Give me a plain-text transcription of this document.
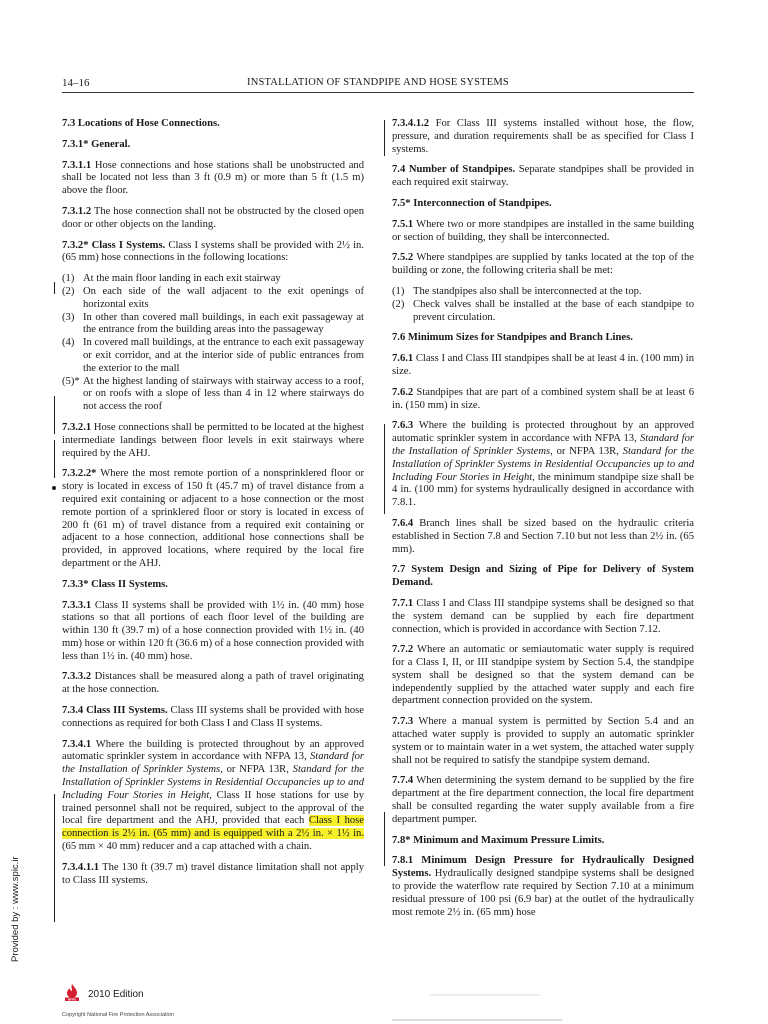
14–16	INSTALLATION OF STANDPIPE AND HOSE SYSTEMS

7.3 Locations of Hose Connections.

7.3.1* General.

7.3.1.1 Hose connections and hose stations shall be unobstructed and shall be located not less than 3 ft (0.9 m) or more than 5 ft (1.5 m) above the floor.

7.3.1.2 The hose connection shall not be obstructed by the closed open door or other objects on the landing.

7.3.2* Class I Systems. Class I systems shall be provided with 2½ in. (65 mm) hose connections in the following locations:

(1) At the main floor landing in each exit stairway
(2) On each side of the wall adjacent to the exit openings of horizontal exits
(3) In other than covered mall buildings, in each exit passageway at the entrance from the building areas into the passageway
(4) In covered mall buildings, at the entrance to each exit passageway or exit corridor, and at the interior side of public entrances from the exterior to the mall
(5)* At the highest landing of stairways with stairway access to a roof, or on roofs with a slope of less than 4 in 12 where stairways do not access the roof

7.3.2.1 Hose connections shall be permitted to be located at the highest intermediate landings between floor levels in exit stairways where required by the AHJ.

7.3.2.2* Where the most remote portion of a nonsprinklered floor or story is located in excess of 150 ft (45.7 m) of travel distance from a required exit containing or adjacent to a hose connection or the most remote portion of a sprinklered floor or story is located in excess of 200 ft (61 m) of travel distance from a required exit containing or adjacent to a hose connection, additional hose connections shall be provided, in approved locations, where required by the local fire department or the AHJ.

7.3.3* Class II Systems.

7.3.3.1 Class II systems shall be provided with 1½ in. (40 mm) hose stations so that all portions of each floor level of the building are within 130 ft (39.7 m) of a hose connection provided with 1½ in. (40 mm) hose or within 120 ft (36.6 m) of a hose connection provided with less than 1½ in. (40 mm) hose.

7.3.3.2 Distances shall be measured along a path of travel originating at the hose connection.

7.3.4 Class III Systems. Class III systems shall be provided with hose connections as required for both Class I and Class II systems.

7.3.4.1 Where the building is protected throughout by an approved automatic sprinkler system in accordance with NFPA 13, Standard for the Installation of Sprinkler Systems, or NFPA 13R, Standard for the Installation of Sprinkler Systems in Residential Occupancies up to and Including Four Stories in Height, Class II hose stations for use by trained personnel shall not be required, subject to the approval of the local fire department and the AHJ, provided that each Class I hose connection is 2½ in. (65 mm) and is equipped with a 2½ in. × 1½ in. (65 mm × 40 mm) reducer and a cap attached with a chain.

7.3.4.1.1 The 130 ft (39.7 m) travel distance limitation shall not apply to Class III systems.

7.3.4.1.2 For Class III systems installed without hose, the flow, pressure, and duration requirements shall be as specified for Class I systems.

7.4 Number of Standpipes. Separate standpipes shall be provided in each required exit stairway.

7.5* Interconnection of Standpipes.

7.5.1 Where two or more standpipes are installed in the same building or section of building, they shall be interconnected.

7.5.2 Where standpipes are supplied by tanks located at the top of the building or zone, the following criteria shall be met:

(1) The standpipes also shall be interconnected at the top.
(2) Check valves shall be installed at the base of each standpipe to prevent circulation.

7.6 Minimum Sizes for Standpipes and Branch Lines.

7.6.1 Class I and Class III standpipes shall be at least 4 in. (100 mm) in size.

7.6.2 Standpipes that are part of a combined system shall be at least 6 in. (150 mm) in size.

7.6.3 Where the building is protected throughout by an approved automatic sprinkler system in accordance with NFPA 13, Standard for the Installation of Sprinkler Systems, or NFPA 13R, Standard for the Installation of Sprinkler Systems in Residential Occupancies up to and Including Four Stories in Height, the minimum standpipe size shall be 4 in. (100 mm) for systems hydraulically designed in accordance with 7.8.1.

7.6.4 Branch lines shall be sized based on the hydraulic criteria established in Section 7.8 and Section 7.10 but not less than 2½ in. (65 mm).

7.7 System Design and Sizing of Pipe for Delivery of System Demand.

7.7.1 Class I and Class III standpipe systems shall be designed so that the system demand can be supplied by each fire department connection, which is provided in accordance with Section 7.12.

7.7.2 Where an automatic or semiautomatic water supply is required for a Class I, II, or III standpipe system by Section 5.4, the standpipe system shall be designed so that the system demand can be independently supplied by the attached water supply and each fire department connection provided on the system.

7.7.3 Where a manual system is permitted by Section 5.4 and an attached water supply is provided to supply an automatic sprinkler system or to maintain water in a wet system, the attached water supply shall not be required to satisfy the standpipe system demand.

7.7.4 When determining the system demand to be supplied by the fire department at the fire department connection, the local fire department shall be consulted regarding the water supply available from a fire department pumper.

7.8* Minimum and Maximum Pressure Limits.

7.8.1 Minimum Design Pressure for Hydraulically Designed Systems. Hydraulically designed standpipe systems shall be designed to provide the waterflow rate required by Section 7.10 at a minimum residual pressure of 100 psi (6.9 bar) at the outlet of the hydraulically most remote 2½ in. (65 mm) hose

Provided by : www.spic.ir
NFPA 2010 Edition
Copyright National Fire Protection Association
